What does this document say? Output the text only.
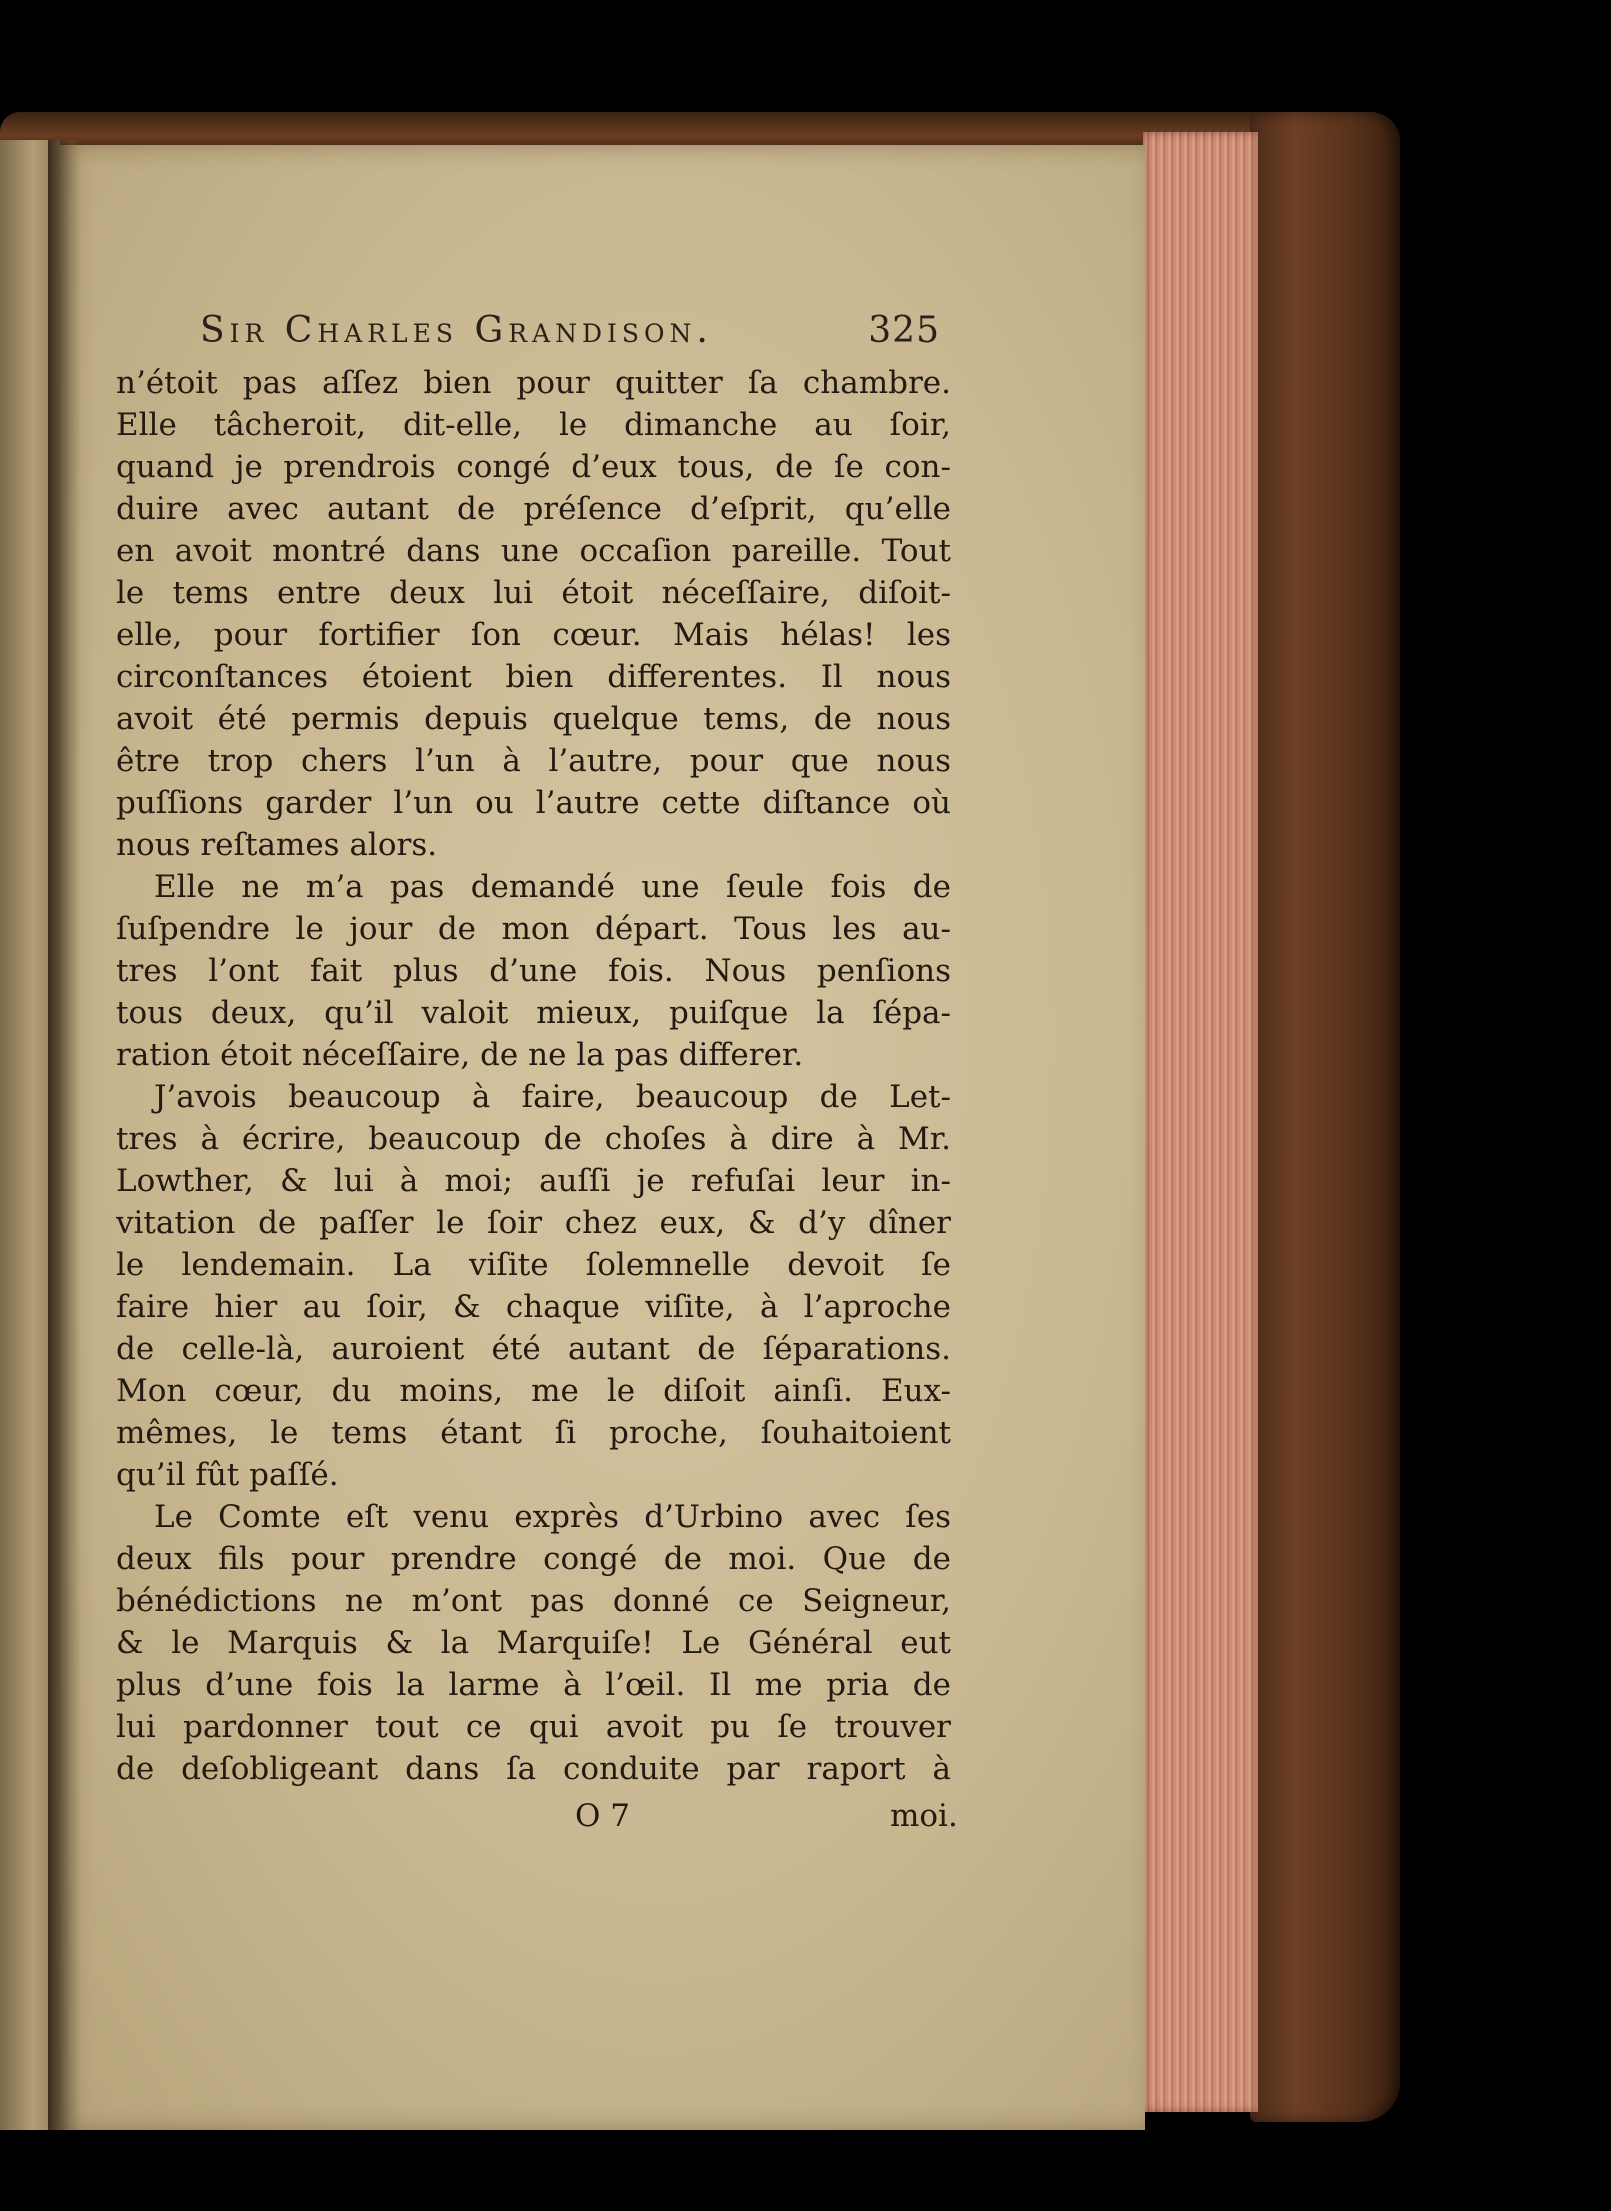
Sir Charles Grandison.	325
n’étoit pas aſſez bien pour quitter ſa chambre.
Elle tâcheroit, dit-elle, le dimanche au ſoir,
quand je prendrois congé d’eux tous, de ſe con-
duire avec autant de préſence d’eſprit, qu’elle
en avoit montré dans une occaſion pareille. Tout
le tems entre deux lui étoit néceſſaire, diſoit-
elle, pour fortifier ſon cœur. Mais hélas! les
circonſtances étoient bien differentes. Il nous
avoit été permis depuis quelque tems, de nous
être trop chers l’un à l’autre, pour que nous
puſſions garder l’un ou l’autre cette diſtance où
nous reſtames alors.
Elle ne m’a pas demandé une ſeule fois de
ſuſpendre le jour de mon départ. Tous les au-
tres l’ont fait plus d’une fois. Nous penſions
tous deux, qu’il valoit mieux, puiſque la ſépa-
ration étoit néceſſaire, de ne la pas differer.
J’avois beaucoup à faire, beaucoup de Let-
tres à écrire, beaucoup de choſes à dire à Mr.
Lowther, & lui à moi; auſſi je refuſai leur in-
vitation de paſſer le ſoir chez eux, & d’y dîner
le lendemain. La viſite ſolemnelle devoit ſe
faire hier au ſoir, & chaque viſite, à l’aproche
de celle-là, auroient été autant de ſéparations.
Mon cœur, du moins, me le diſoit ainſi. Eux-
mêmes, le tems étant ſi proche, ſouhaitoient
qu’il fût paſſé.
Le Comte eſt venu exprès d’Urbino avec ſes
deux fils pour prendre congé de moi. Que de
bénédictions ne m’ont pas donné ce Seigneur,
& le Marquis & la Marquiſe! Le Général eut
plus d’une fois la larme à l’œil. Il me pria de
lui pardonner tout ce qui avoit pu ſe trouver
de deſobligeant dans ſa conduite par raport à
O 7	moi.
